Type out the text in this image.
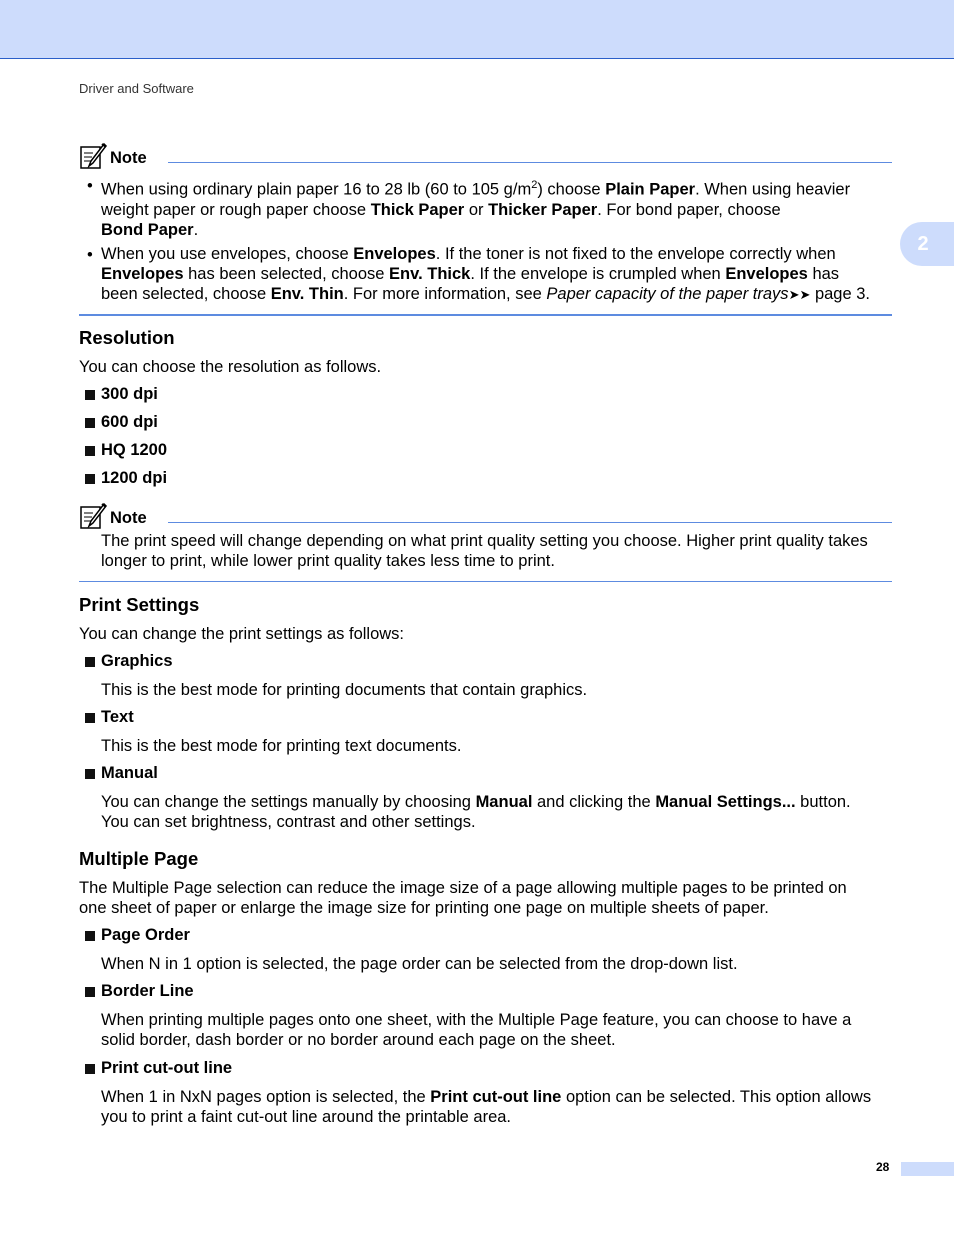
Driver and Software
2
Note
• When using ordinary plain paper 16 to 28 lb (60 to 105 $g/m^2$) choose Plain Paper. When using heavier
weight paper or rough paper choose Thick Paper or Thicker Paper. For bond paper, choose
Bond Paper.
• When you use envelopes, choose Envelopes. If the toner is not fixed to the envelope correctly when
Envelopes has been selected, choose Env. Thick. If the envelope is crumpled when Envelopes has
been selected, choose Env. Thin. For more information, see Paper capacity of the paper trays➤➤ page 3.
Resolution
You can choose the resolution as follows.
300 dpi
600 dpi
HQ 1200
1200 dpi
Note
The print speed will change depending on what print quality setting you choose. Higher print quality takes
longer to print, while lower print quality takes less time to print.
Print Settings
You can change the print settings as follows:
Graphics
This is the best mode for printing documents that contain graphics.
Text
This is the best mode for printing text documents.
Manual
You can change the settings manually by choosing Manual and clicking the Manual Settings... button.
You can set brightness, contrast and other settings.
Multiple Page
The Multiple Page selection can reduce the image size of a page allowing multiple pages to be printed on
one sheet of paper or enlarge the image size for printing one page on multiple sheets of paper.
Page Order
When N in 1 option is selected, the page order can be selected from the drop-down list.
Border Line
When printing multiple pages onto one sheet, with the Multiple Page feature, you can choose to have a
solid border, dash border or no border around each page on the sheet.
Print cut-out line
When 1 in NxN pages option is selected, the Print cut-out line option can be selected. This option allows
you to print a faint cut-out line around the printable area.
28
